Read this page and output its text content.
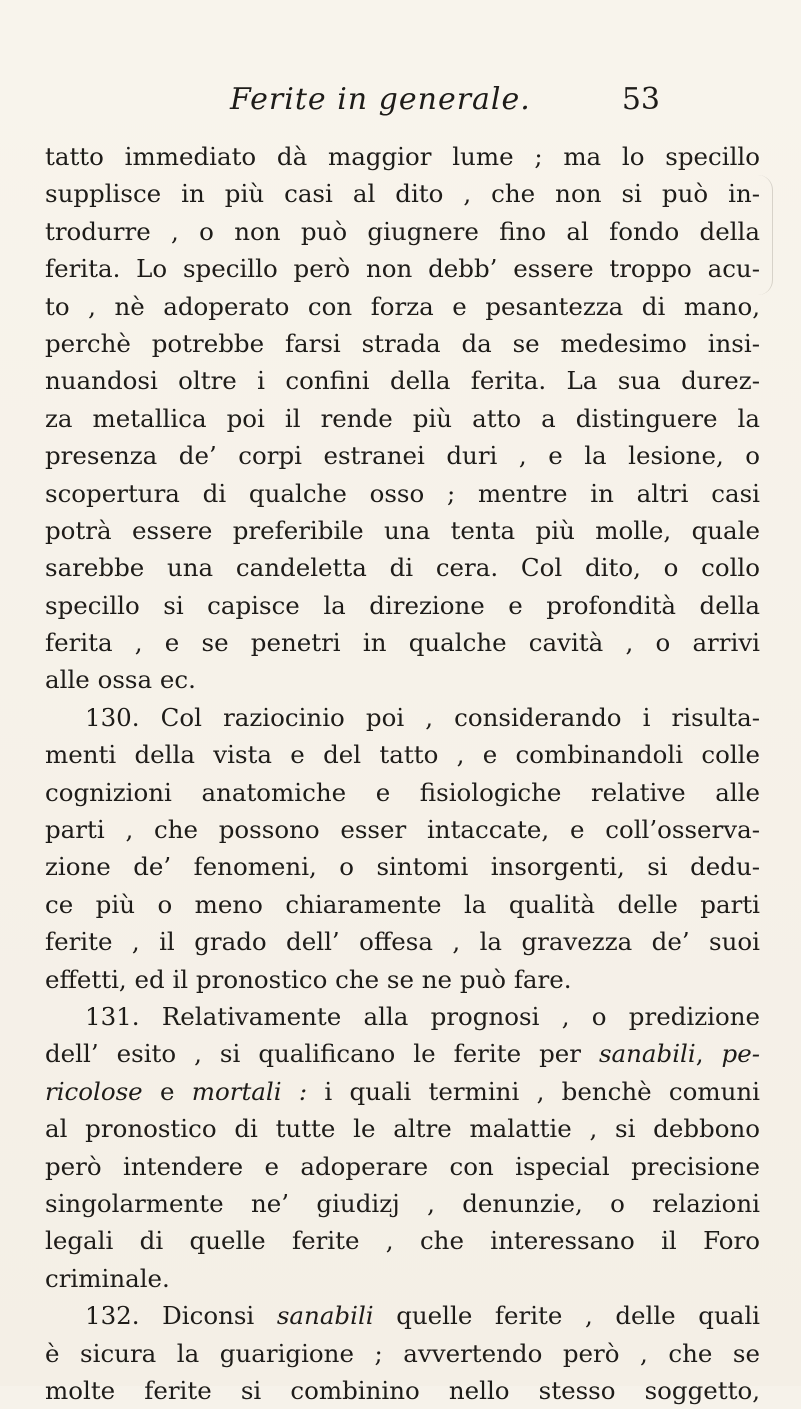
Ferite in generale.	53
tatto immediato dà maggior lume ; ma lo specillo
supplisce in più casi al dito , che non si può in-
trodurre , o non può giugnere fino al fondo della
ferita. Lo specillo però non debb’ essere troppo acu-
to , nè adoperato con forza e pesantezza di mano,
perchè potrebbe farsi strada da se medesimo insi-
nuandosi oltre i confini della ferita. La sua durez-
za metallica poi il rende più atto a distinguere la
presenza de’ corpi estranei duri , e la lesione, o
scopertura di qualche osso ; mentre in altri casi
potrà essere preferibile una tenta più molle, quale
sarebbe una candeletta di cera. Col dito, o collo
specillo si capisce la direzione e profondità della
ferita , e se penetri in qualche cavità , o arrivi
alle ossa ec.
130. Col raziocinio poi , considerando i risulta-
menti della vista e del tatto , e combinandoli colle
cognizioni anatomiche e fisiologiche relative alle
parti , che possono esser intaccate, e coll’osserva-
zione de’ fenomeni, o sintomi insorgenti, si dedu-
ce più o meno chiaramente la qualità delle parti
ferite , il grado dell’ offesa , la gravezza de’ suoi
effetti, ed il pronostico che se ne può fare.
131. Relativamente alla prognosi , o predizione
dell’ esito , si qualificano le ferite per sanabili, pe-
ricolose e mortali : i quali termini , benchè comuni
al pronostico di tutte le altre malattie , si debbono
però intendere e adoperare con ispecial precisione
singolarmente ne’ giudizj , denunzie, o relazioni
legali di quelle ferite , che interessano il Foro
criminale.
132. Diconsi sanabili quelle ferite , delle quali
è sicura la guarigione ; avvertendo però , che se
molte ferite si combinino nello stesso soggetto,
